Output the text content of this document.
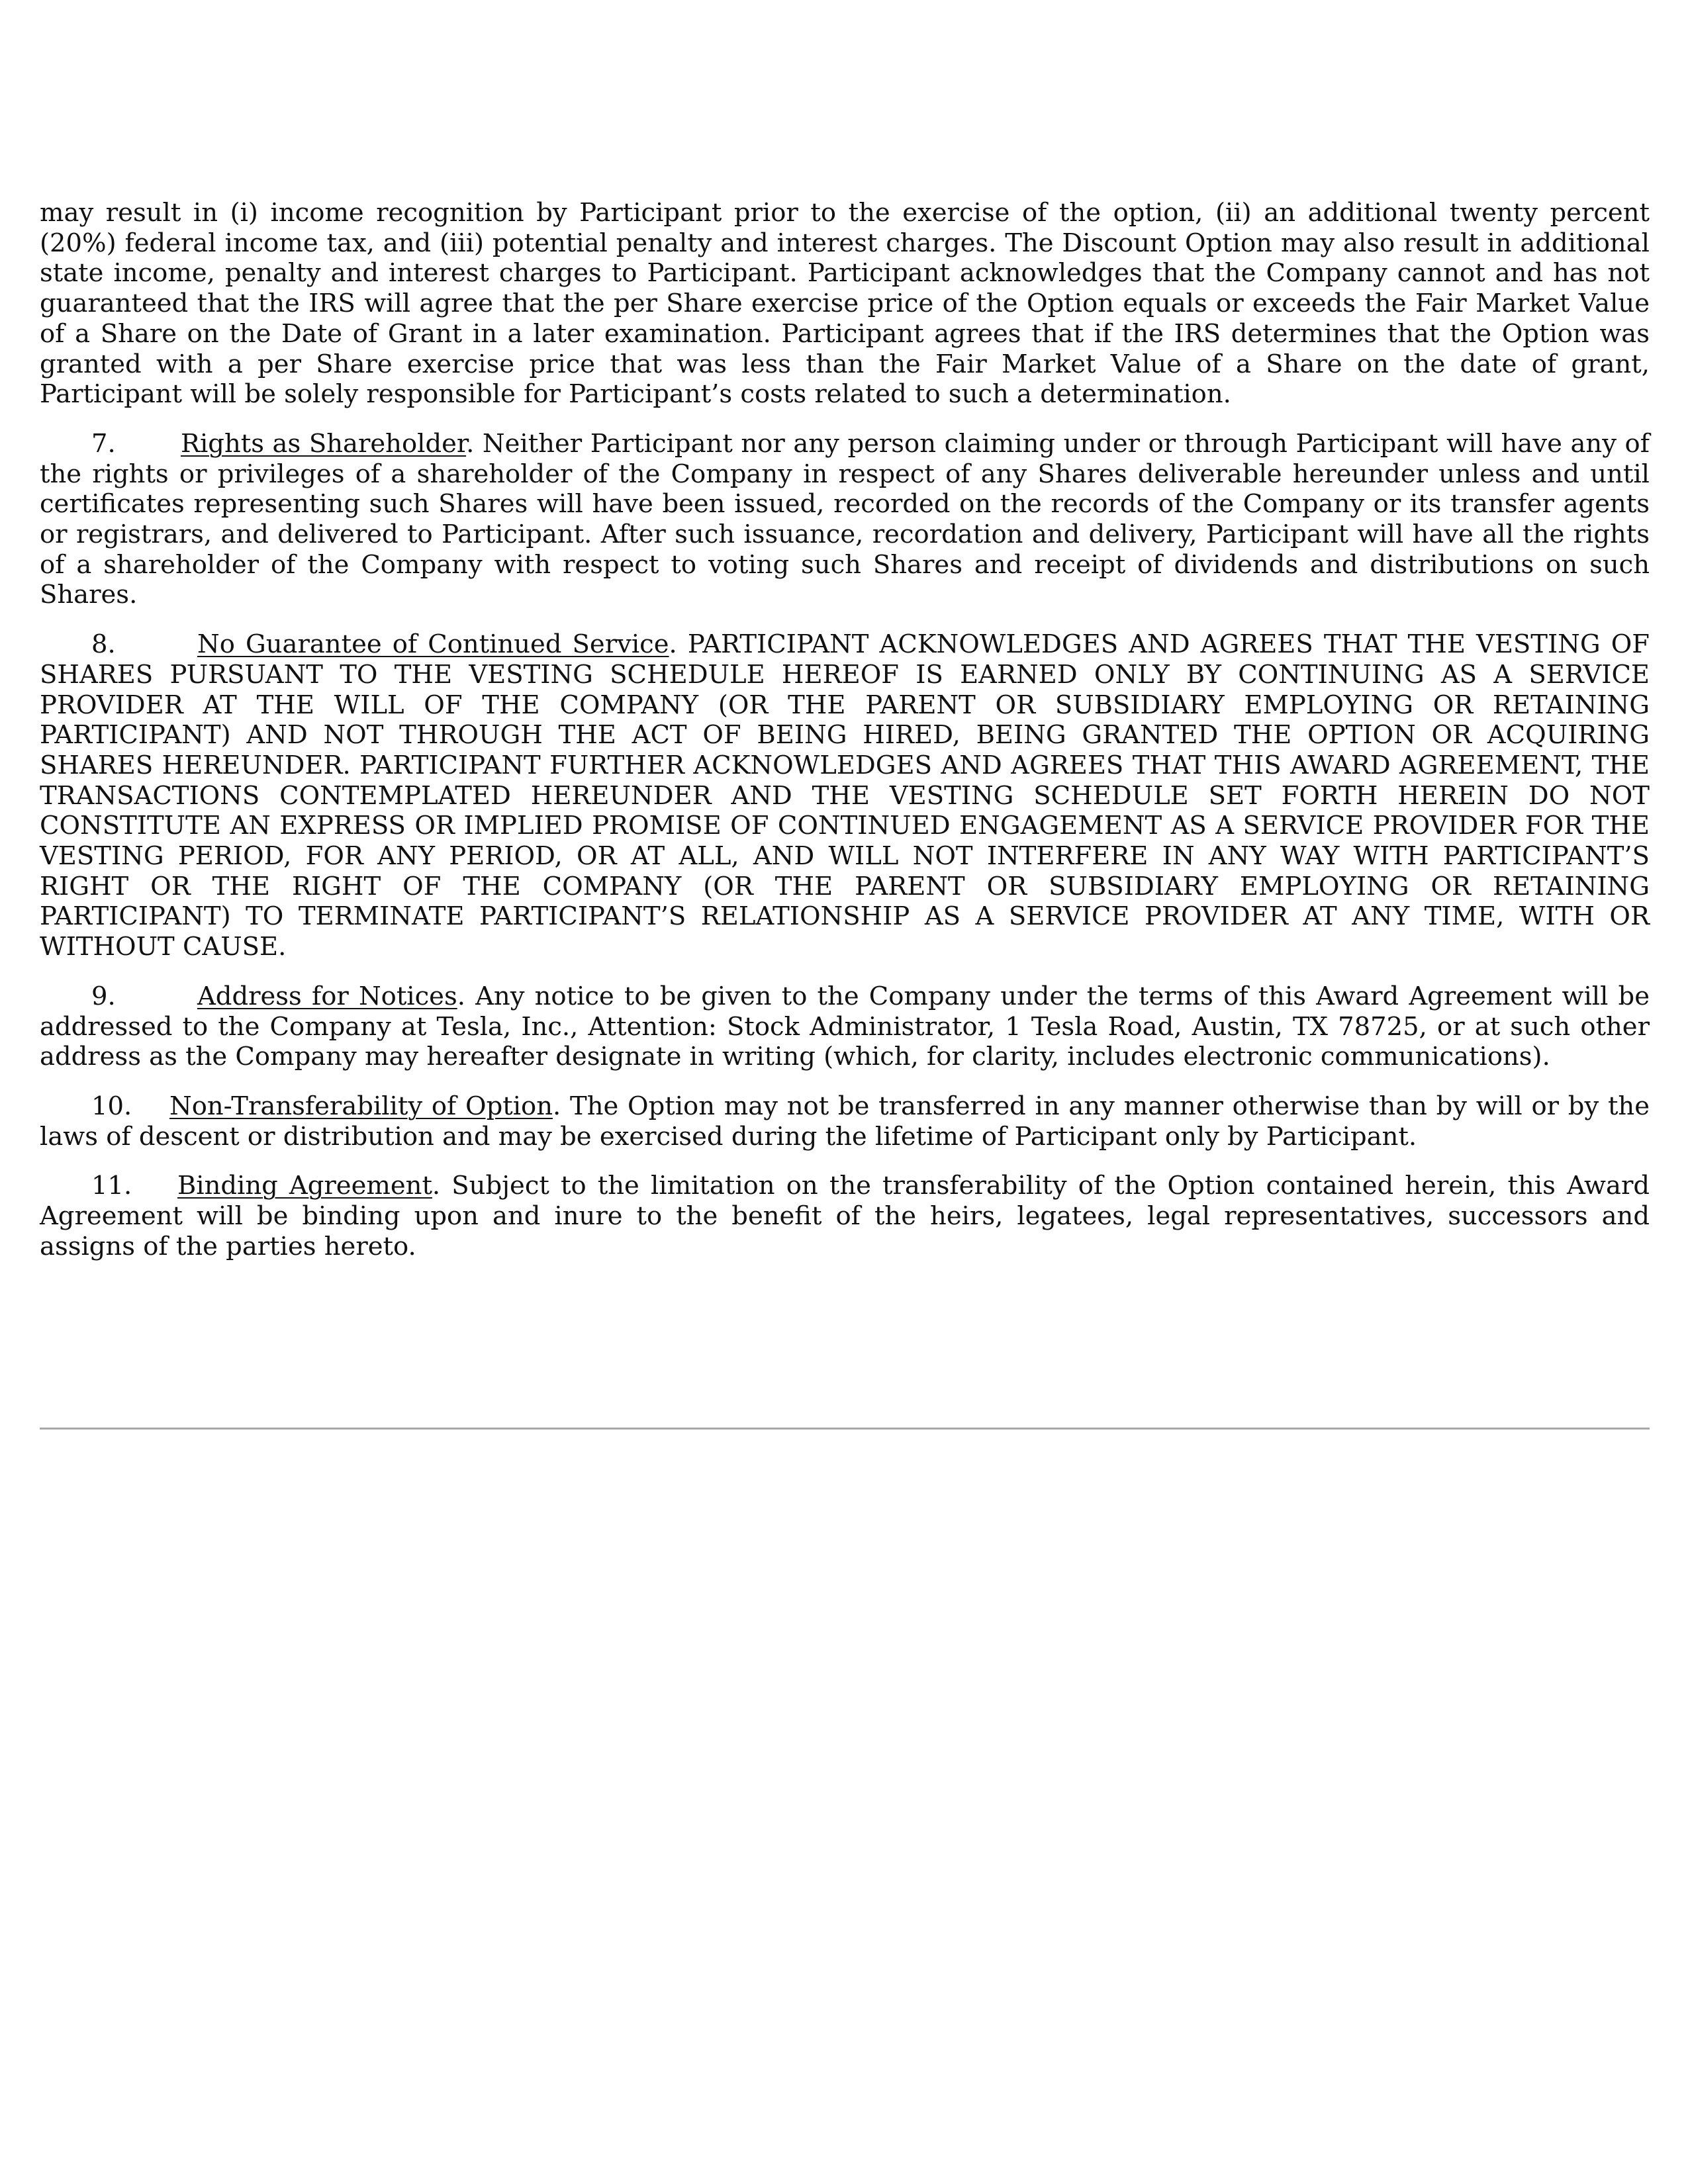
may result in (i) income recognition by Participant prior to the exercise of the option, (ii) an additional twenty percent (20%) federal income tax, and (iii) potential penalty and interest charges. The Discount Option may also result in additional state income, penalty and interest charges to Participant. Participant acknowledges that the Company cannot and has not guaranteed that the IRS will agree that the per Share exercise price of the Option equals or exceeds the Fair Market Value of a Share on the Date of Grant in a later examination. Participant agrees that if the IRS determines that the Option was granted with a per Share exercise price that was less than the Fair Market Value of a Share on the date of grant, Participant will be solely responsible for Participant’s costs related to such a determination.

7.	Rights as Shareholder. Neither Participant nor any person claiming under or through Participant will have any of the rights or privileges of a shareholder of the Company in respect of any Shares deliverable hereunder unless and until certificates representing such Shares will have been issued, recorded on the records of the Company or its transfer agents or registrars, and delivered to Participant. After such issuance, recordation and delivery, Participant will have all the rights of a shareholder of the Company with respect to voting such Shares and receipt of dividends and distributions on such Shares.

8.	No Guarantee of Continued Service. PARTICIPANT ACKNOWLEDGES AND AGREES THAT THE VESTING OF SHARES PURSUANT TO THE VESTING SCHEDULE HEREOF IS EARNED ONLY BY CONTINUING AS A SERVICE PROVIDER AT THE WILL OF THE COMPANY (OR THE PARENT OR SUBSIDIARY EMPLOYING OR RETAINING PARTICIPANT) AND NOT THROUGH THE ACT OF BEING HIRED, BEING GRANTED THE OPTION OR ACQUIRING SHARES HEREUNDER. PARTICIPANT FURTHER ACKNOWLEDGES AND AGREES THAT THIS AWARD AGREEMENT, THE TRANSACTIONS CONTEMPLATED HEREUNDER AND THE VESTING SCHEDULE SET FORTH HEREIN DO NOT CONSTITUTE AN EXPRESS OR IMPLIED PROMISE OF CONTINUED ENGAGEMENT AS A SERVICE PROVIDER FOR THE VESTING PERIOD, FOR ANY PERIOD, OR AT ALL, AND WILL NOT INTERFERE IN ANY WAY WITH PARTICIPANT’S RIGHT OR THE RIGHT OF THE COMPANY (OR THE PARENT OR SUBSIDIARY EMPLOYING OR RETAINING PARTICIPANT) TO TERMINATE PARTICIPANT’S RELATIONSHIP AS A SERVICE PROVIDER AT ANY TIME, WITH OR WITHOUT CAUSE.

9.	Address for Notices. Any notice to be given to the Company under the terms of this Award Agreement will be addressed to the Company at Tesla, Inc., Attention: Stock Administrator, 1 Tesla Road, Austin, TX 78725, or at such other address as the Company may hereafter designate in writing (which, for clarity, includes electronic communications).

10. Non-Transferability of Option. The Option may not be transferred in any manner otherwise than by will or by the laws of descent or distribution and may be exercised during the lifetime of Participant only by Participant.

11. Binding Agreement. Subject to the limitation on the transferability of the Option contained herein, this Award Agreement will be binding upon and inure to the benefit of the heirs, legatees, legal representatives, successors and assigns of the parties hereto.
